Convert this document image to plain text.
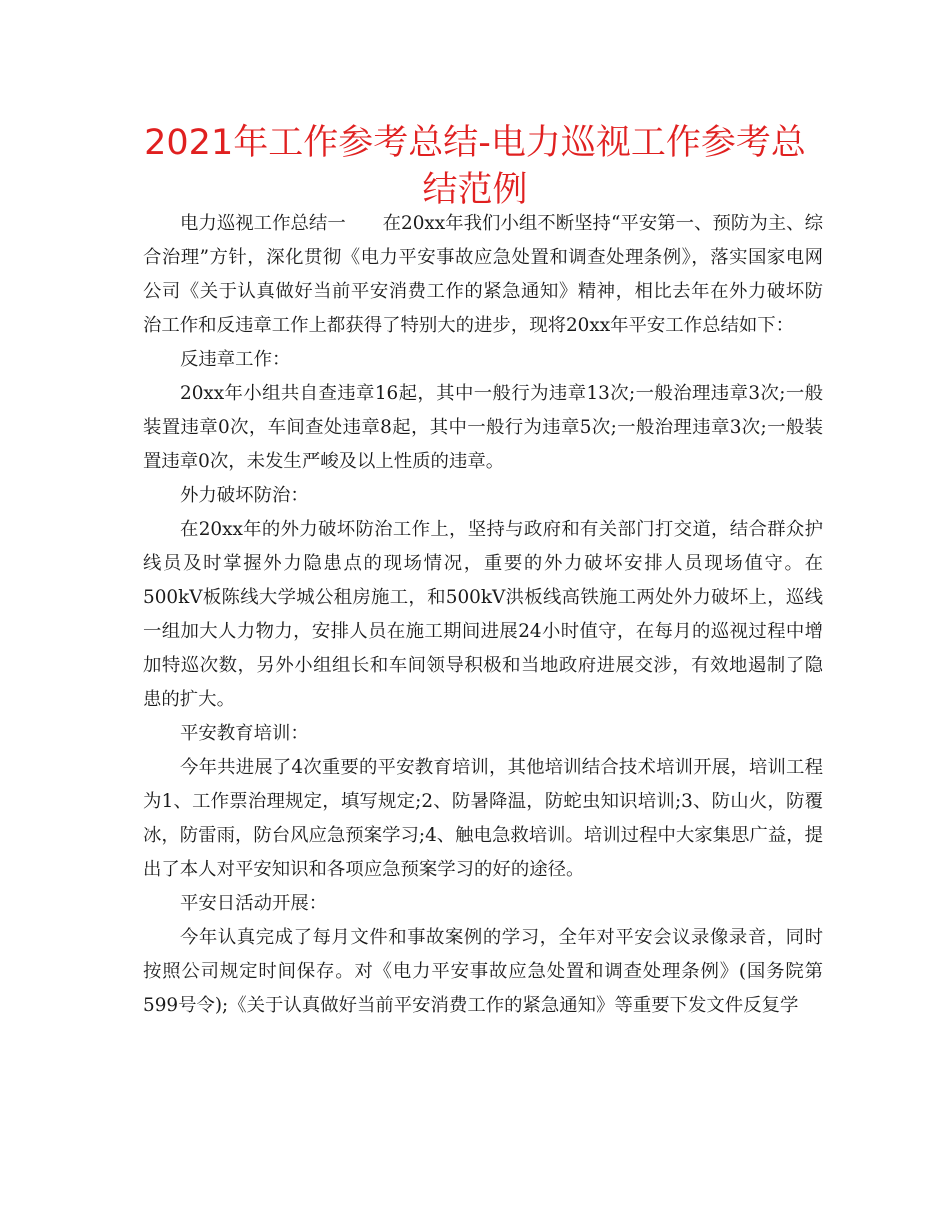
2021年工作参考总结-电力巡视工作参考总结范例

电力巡视工作总结一　　在20xx年我们小组不断坚持“平安第一、预防为主、综合治理”方针，深化贯彻《电力平安事故应急处置和调查处理条例》，落实国家电网公司《关于认真做好当前平安消费工作的紧急通知》精神，相比去年在外力破坏防治工作和反违章工作上都获得了特别大的进步，现将20xx年平安工作总结如下：

反违章工作：

20xx年小组共自查违章16起，其中一般行为违章13次;一般治理违章3次;一般装置违章0次，车间查处违章8起，其中一般行为违章5次;一般治理违章3次;一般装置违章0次，未发生严峻及以上性质的违章。

外力破坏防治：

在20xx年的外力破坏防治工作上，坚持与政府和有关部门打交道，结合群众护线员及时掌握外力隐患点的现场情况，重要的外力破坏安排人员现场值守。在500kV板陈线大学城公租房施工，和500kV洪板线高铁施工两处外力破坏上，巡线一组加大人力物力，安排人员在施工期间进展24小时值守，在每月的巡视过程中增加特巡次数，另外小组组长和车间领导积极和当地政府进展交涉，有效地遏制了隐患的扩大。

平安教育培训：

今年共进展了4次重要的平安教育培训，其他培训结合技术培训开展，培训工程为1、工作票治理规定，填写规定;2、防暑降温，防蛇虫知识培训;3、防山火，防覆冰，防雷雨，防台风应急预案学习;4、触电急救培训。培训过程中大家集思广益，提出了本人对平安知识和各项应急预案学习的好的途径。

平安日活动开展：

今年认真完成了每月文件和事故案例的学习，全年对平安会议录像录音，同时按照公司规定时间保存。对《电力平安事故应急处置和调查处理条例》(国务院第599号令);《关于认真做好当前平安消费工作的紧急通知》等重要下发文件反复学
